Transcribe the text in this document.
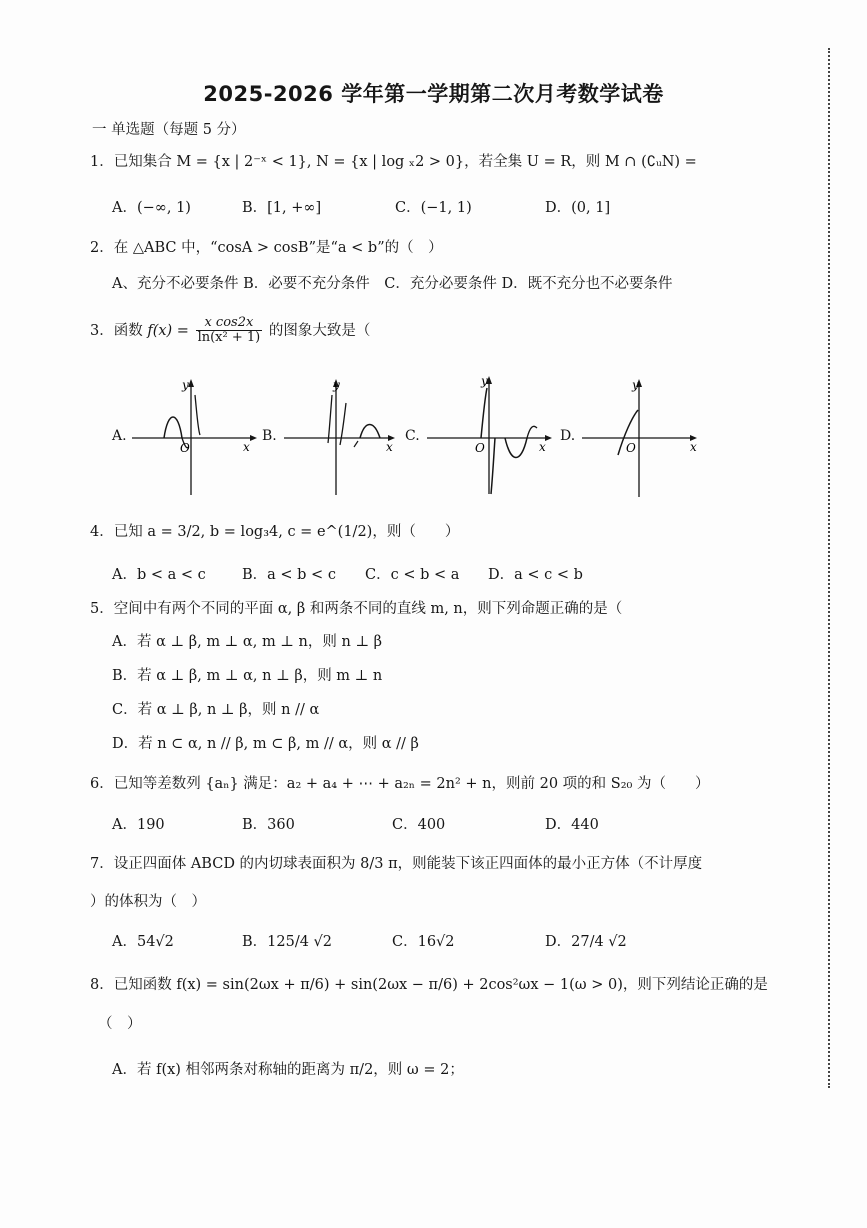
2025-2026 学年第一学期第二次月考数学试卷
一 单选题（每题 5 分）
1．已知集合 M = {x | 2⁻ˣ < 1}, N = {x | log ₓ2 > 0}，若全集 U = R，则 M ∩ (∁ᵤN) =
A．(−∞, 1)	B．[1, +∞]	C．(−1, 1)	D．(0, 1]
2．在 △ABC 中，“cosA > cosB”是“a < b”的（　）
A、充分不必要条件 B．必要不充分条件　C．充分必要条件 D．既不充分也不必要条件
3．函数 $f(x) = \frac{\text{x cos2x}}{\text{ln(x² + 1)}}$ 的图象大致是（
A.
O	x
y
B.
y
x
C.
O
y
x
D.
O
y
x
4．已知 a = 3/2, b = log₃4, c = e^(1/2)，则（　　）
A．b < a < c B．a < b < c C．c < b < a D．a < c < b
5．空间中有两个不同的平面 α, β 和两条不同的直线 m, n，则下列命题正确的是（
A．若 α ⊥ β, m ⊥ α, m ⊥ n，则 n ⊥ β
B．若 α ⊥ β, m ⊥ α, n ⊥ β，则 m ⊥ n
C．若 α ⊥ β, n ⊥ β，则 n // α
D．若 n ⊂ α, n // β, m ⊂ β, m // α，则 α // β
6．已知等差数列 {aₙ} 满足：a₂ + a₄ + ⋯ + a₂ₙ = 2n² + n，则前 20 项的和 S₂₀ 为（　　）
A．190	B．360	C．400	D．440
7．设正四面体 ABCD 的内切球表面积为 8/3 π，则能装下该正四面体的最小正方体（不计厚度
）的体积为（　）
A．54√2	B．125/4 √2	C．16√2	D．27/4 √2
8．已知函数 f(x) = sin(2ωx + π/6) + sin(2ωx − π/6) + 2cos²ωx − 1(ω > 0)，则下列结论正确的是
（　）
A．若 f(x) 相邻两条对称轴的距离为 π/2，则 ω = 2；
